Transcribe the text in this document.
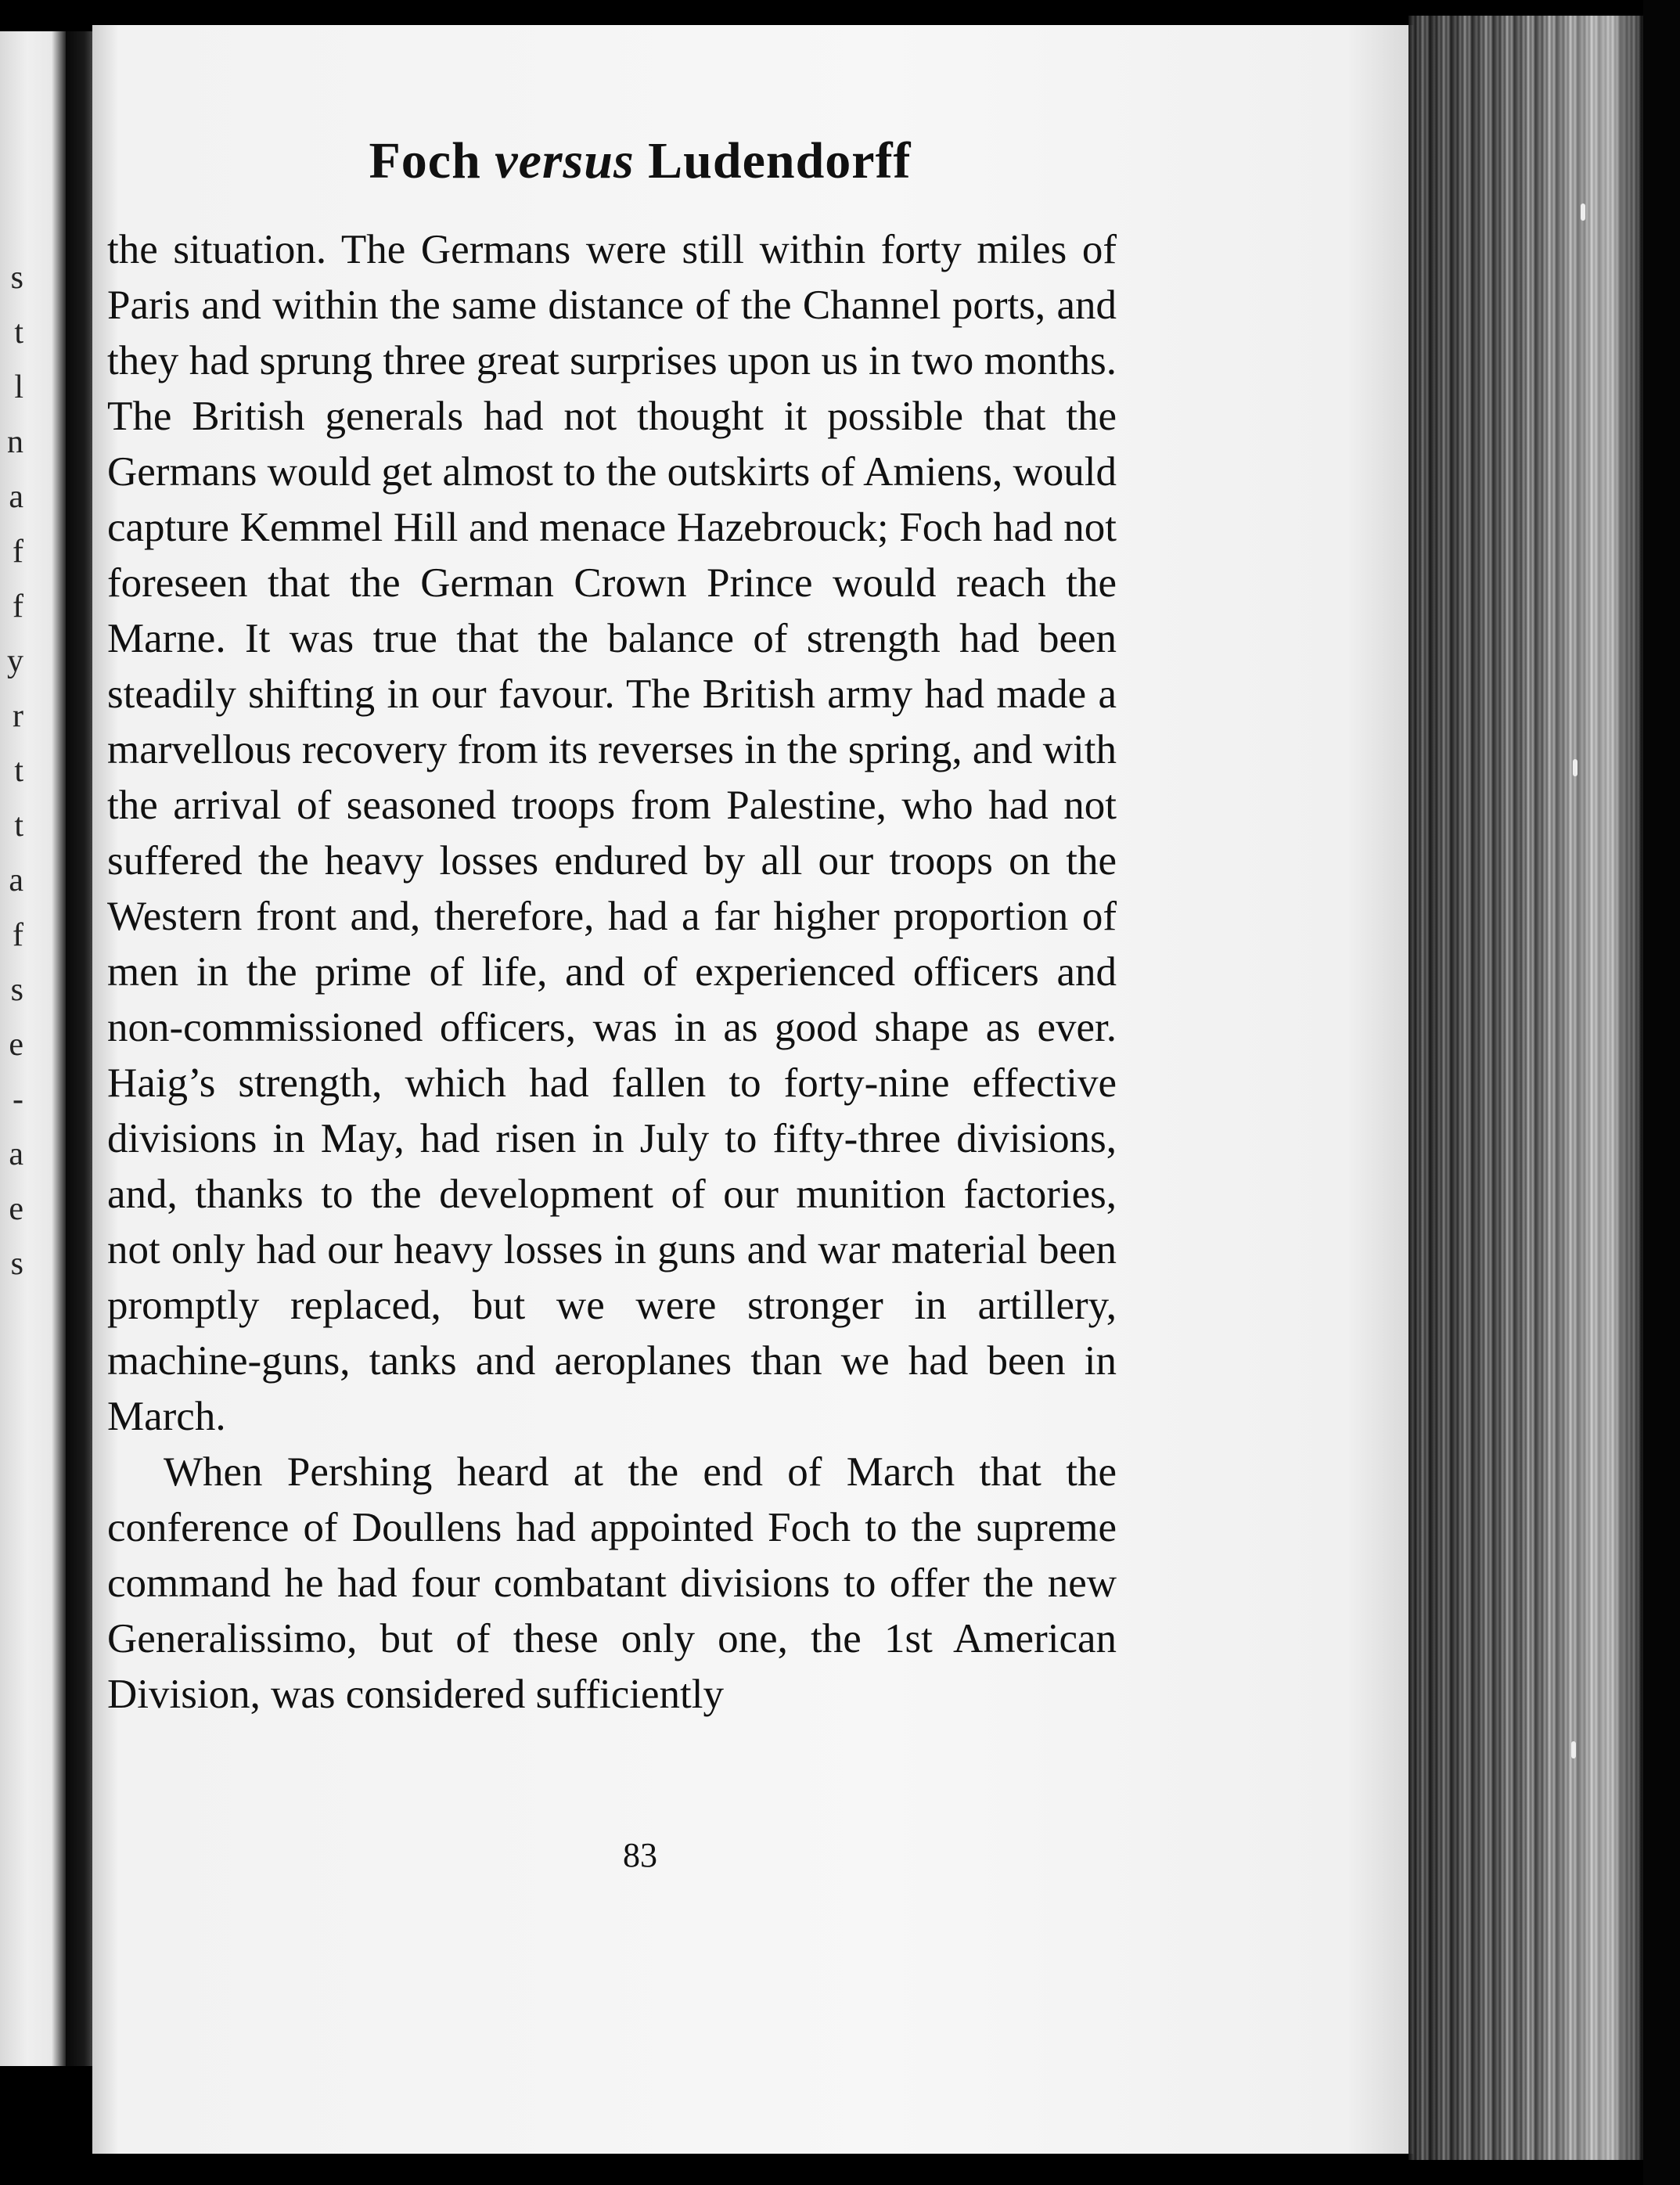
s
t
l
n
a
f
f
y
r
t
t
a
f
s
e
-
a
e
s
Foch versus Ludendorff

the situation. The Germans were still within forty miles of Paris and within the same distance of the Channel ports, and they had sprung three great surprises upon us in two months. The British generals had not thought it possible that the Germans would get almost to the outskirts of Amiens, would capture Kemmel Hill and menace Hazebrouck; Foch had not foreseen that the German Crown Prince would reach the Marne. It was true that the balance of strength had been steadily shifting in our favour. The British army had made a marvellous recovery from its reverses in the spring, and with the arrival of seasoned troops from Palestine, who had not suffered the heavy losses endured by all our troops on the Western front and, therefore, had a far higher proportion of men in the prime of life, and of experienced officers and non-commissioned officers, was in as good shape as ever. Haig’s strength, which had fallen to forty-nine effective divisions in May, had risen in July to fifty-three divisions, and, thanks to the development of our munition factories, not only had our heavy losses in guns and war material been promptly replaced, but we were stronger in artillery, machine-guns, tanks and aeroplanes than we had been in March.

When Pershing heard at the end of March that the conference of Doullens had appointed Foch to the supreme command he had four combatant divisions to offer the new Generalissimo, but of these only one, the 1st American Division, was considered sufficiently

83
